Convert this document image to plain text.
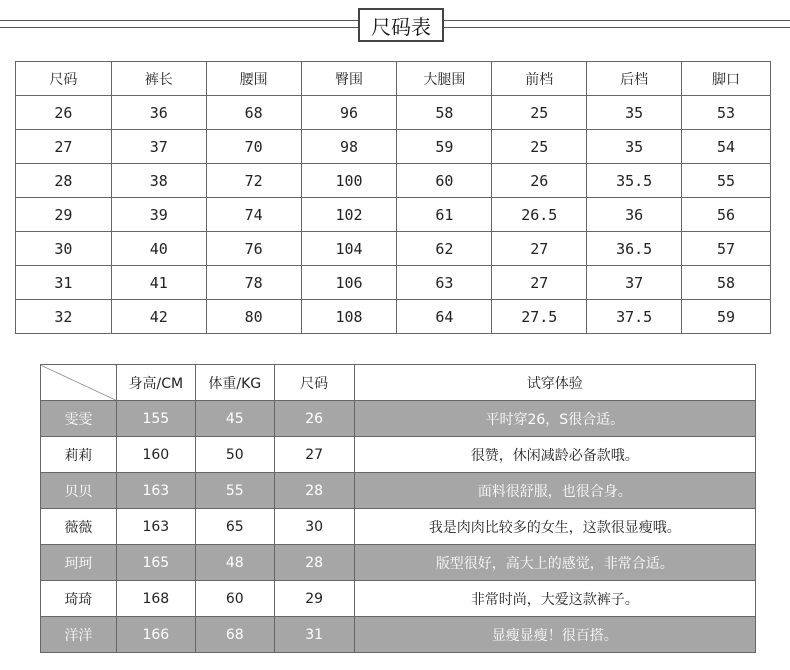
尺码表
尺码	裤长	腰围	臀围	大腿围	前档	后档	脚口
26	36	68	96	58	25	35	53
27	37	70	98	59	25	35	54
28	38	72	100	60	26	35.5	55
29	39	74	102	61	26.5	36	56
30	40	76	104	62	27	36.5	57
31	41	78	106	63	27	37	58
32	42	80	108	64	27.5	37.5	59
	身高/CM	体重/KG	尺码	试穿体验
雯雯	155	45	26	平时穿26，S很合适。
莉莉	160	50	27	很赞，休闲减龄必备款哦。
贝贝	163	55	28	面料很舒服，也很合身。
薇薇	163	65	30	我是肉肉比较多的女生，这款很显瘦哦。
珂珂	165	48	28	版型很好，高大上的感觉，非常合适。
琦琦	168	60	29	非常时尚，大爱这款裤子。
洋洋	166	68	31	显瘦显瘦！很百搭。
